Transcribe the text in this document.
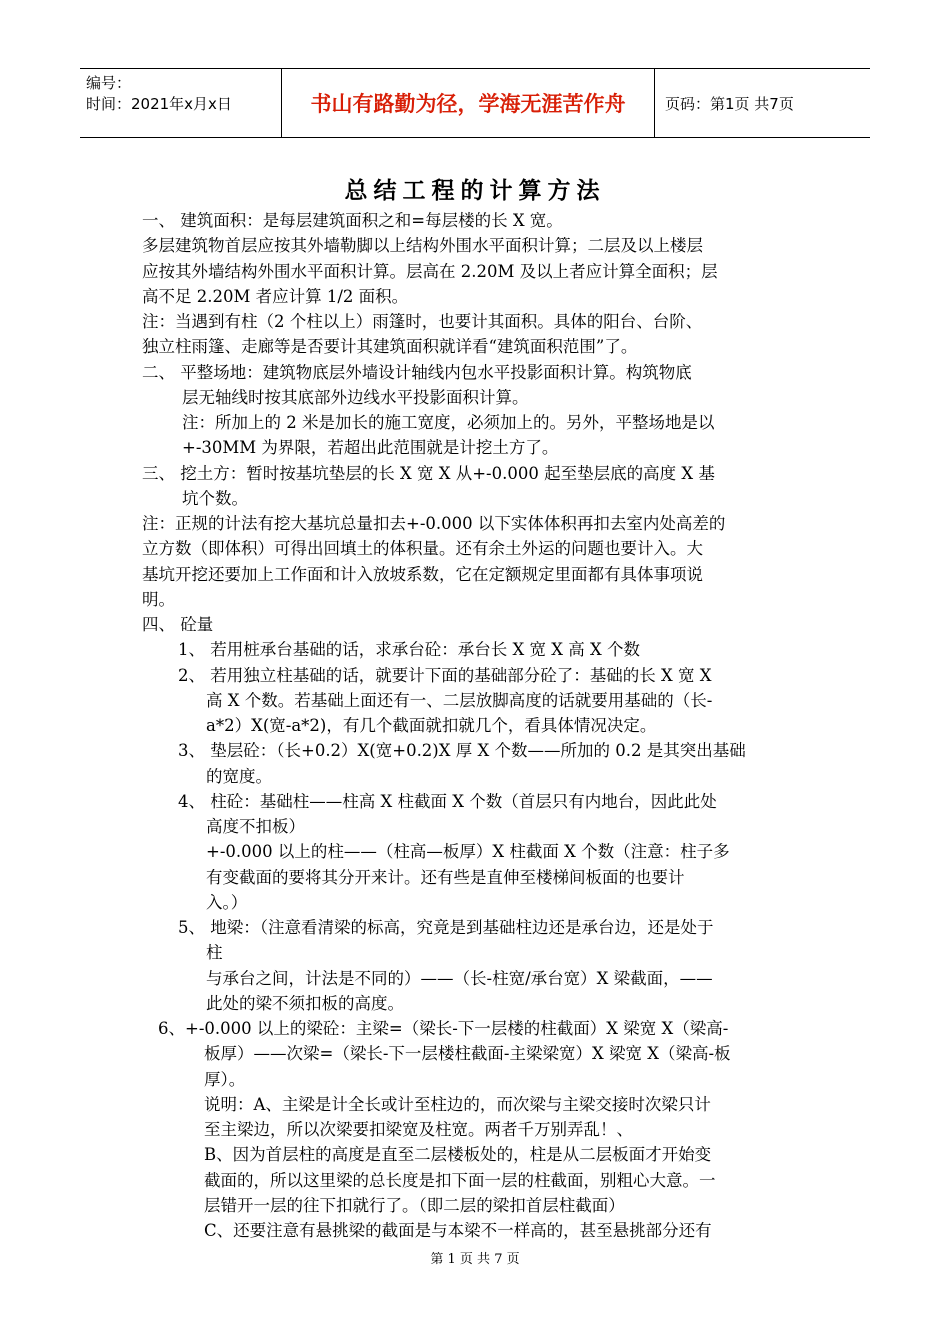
编号：
时间：2021年x月x日	书山有路勤为径，学海无涯苦作舟	页码：第1页 共7页
总结工程的计算方法
一、 建筑面积：是每层建筑面积之和=每层楼的长 X 宽。
多层建筑物首层应按其外墙勒脚以上结构外围水平面积计算；二层及以上楼层
应按其外墙结构外围水平面积计算。层高在 2.20M 及以上者应计算全面积；层
高不足 2.20M 者应计算 1/2 面积。
注：当遇到有柱（2 个柱以上）雨篷时，也要计其面积。具体的阳台、台阶、
独立柱雨篷、走廊等是否要计其建筑面积就详看“建筑面积范围”了。
二、 平整场地：建筑物底层外墙设计轴线内包水平投影面积计算。构筑物底
层无轴线时按其底部外边线水平投影面积计算。
注：所加上的 2 米是加长的施工宽度，必须加上的。另外，平整场地是以
+-30MM 为界限，若超出此范围就是计挖土方了。
三、 挖土方：暂时按基坑垫层的长 X 宽 X 从+-0.000 起至垫层底的高度 X 基
坑个数。
注：正规的计法有挖大基坑总量扣去+-0.000 以下实体体积再扣去室内处高差的
立方数（即体积）可得出回填土的体积量。还有余土外运的问题也要计入。大
基坑开挖还要加上工作面和计入放坡系数，它在定额规定里面都有具体事项说
明。
四、 砼量
1、 若用桩承台基础的话，求承台砼：承台长 X 宽 X 高 X 个数
2、 若用独立柱基础的话，就要计下面的基础部分砼了：基础的长 X 宽 X
高 X 个数。若基础上面还有一、二层放脚高度的话就要用基础的（长-
a*2）X(宽-a*2)，有几个截面就扣就几个，看具体情况决定。
3、 垫层砼：（长+0.2）X(宽+0.2)X 厚 X 个数——所加的 0.2 是其突出基础
的宽度。
4、 柱砼：基础柱——柱高 X 柱截面 X 个数（首层只有内地台，因此此处
高度不扣板）
+-0.000 以上的柱——（柱高—板厚）X 柱截面 X 个数（注意：柱子多
有变截面的要将其分开来计。还有些是直伸至楼梯间板面的也要计
入。）
5、 地梁：（注意看清梁的标高，究竟是到基础柱边还是承台边，还是处于
柱
与承台之间，计法是不同的）——（长-柱宽/承台宽）X 梁截面，——
此处的梁不须扣板的高度。
6、+-0.000 以上的梁砼：主梁=（梁长-下一层楼的柱截面）X 梁宽 X（梁高-
板厚）——次梁=（梁长-下一层楼柱截面-主梁梁宽）X 梁宽 X（梁高-板
厚）。
说明：A、主梁是计全长或计至柱边的，而次梁与主梁交接时次梁只计
至主梁边，所以次梁要扣梁宽及柱宽。两者千万别弄乱！、
B、因为首层柱的高度是直至二层楼板处的，柱是从二层板面才开始变
截面的，所以这里梁的总长度是扣下面一层的柱截面，别粗心大意。一
层错开一层的往下扣就行了。（即二层的梁扣首层柱截面）
C、还要注意有悬挑梁的截面是与本梁不一样高的，甚至悬挑部分还有
第 1 页 共 7 页
